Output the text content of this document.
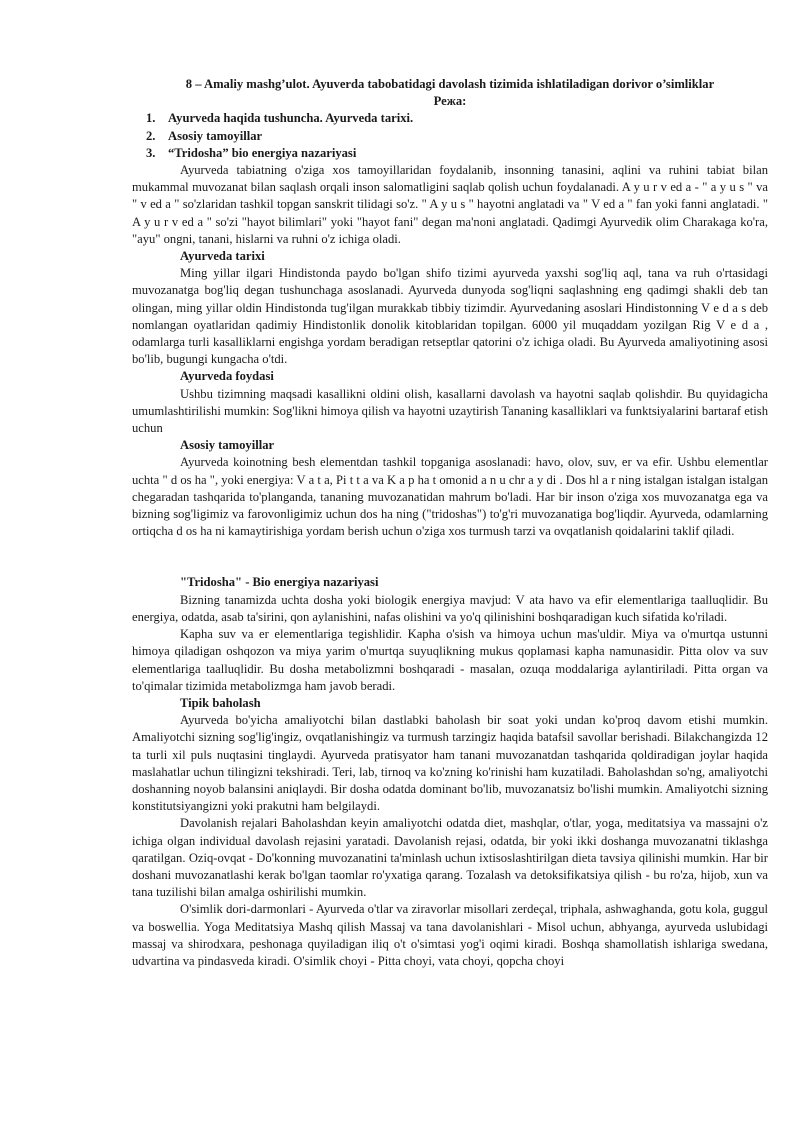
8 – Amaliy mashg’ulot. Ayuverda tabobatidagi davolash tizimida ishlatiladigan dorivor o’simliklar
Режа:
1. Ayurveda haqida tushuncha. Ayurveda tarixi.
2. Asosiy tamoyillar
3. “Tridosha” bio energiya nazariyasi

Ayurveda tabiatning o'ziga xos tamoyillaridan foydalanib, insonning tanasini, aqlini va ruhini tabiat bilan mukammal muvozanat bilan saqlash orqali inson salomatligini saqlab qolish uchun foydalanadi. A y u r v ed a - " a y u s " va " v ed a " so'zlaridan tashkil topgan sanskrit tilidagi so'z. " A y u s " hayotni anglatadi va " V ed a " fan yoki fanni anglatadi. " A y u r v ed a " so'zi "hayot bilimlari" yoki "hayot fani" degan ma'noni anglatadi. Qadimgi Ayurvedik olim Charakaga ko'ra, "ayu" ongni, tanani, hislarni va ruhni o'z ichiga oladi.

Ayurveda tarixi

Ming yillar ilgari Hindistonda paydo bo'lgan shifo tizimi ayurveda yaxshi sog'liq aql, tana va ruh o'rtasidagi muvozanatga bog'liq degan tushunchaga asoslanadi. Ayurveda dunyoda sog'liqni saqlashning eng qadimgi shakli deb tan olingan, ming yillar oldin Hindistonda tug'ilgan murakkab tibbiy tizimdir. Ayurvedaning asoslari Hindistonning V e d a s deb nomlangan oyatlaridan qadimiy Hindistonlik donolik kitoblaridan topilgan. 6000 yil muqaddam yozilgan Rig V e d a , odamlarga turli kasalliklarni engishga yordam beradigan retseptlar qatorini o'z ichiga oladi. Bu Ayurveda amaliyotining asosi bo'lib, bugungi kungacha o'tdi.

Ayurveda foydasi

Ushbu tizimning maqsadi kasallikni oldini olish, kasallarni davolash va hayotni saqlab qolishdir. Bu quyidagicha umumlashtirilishi mumkin: Sog'likni himoya qilish va hayotni uzaytirish Tananing kasalliklari va funktsiyalarini bartaraf etish uchun

Asosiy tamoyillar

Ayurveda koinotning besh elementdan tashkil topganiga asoslanadi: havo, olov, suv, er va efir. Ushbu elementlar uchta " d os ha ", yoki energiya: V a t a, Pi t t a va K a p ha t omonid a n u chr a y di . Dos hl a r ning istalgan istalgan istalgan chegaradan tashqarida to'planganda, tananing muvozanatidan mahrum bo'ladi. Har bir inson o'ziga xos muvozanatga ega va bizning sog'ligimiz va farovonligimiz uchun dos ha ning ("tridoshas") to'g'ri muvozanatiga bog'liqdir. Ayurveda, odamlarning ortiqcha d os ha ni kamaytirishiga yordam berish uchun o'ziga xos turmush tarzi va ovqatlanish qoidalarini taklif qiladi.

"Tridosha" - Bio energiya nazariyasi

Bizning tanamizda uchta dosha yoki biologik energiya mavjud: V ata havo va efir elementlariga taalluqlidir. Bu energiya, odatda, asab ta'sirini, qon aylanishini, nafas olishini va yo'q qilinishini boshqaradigan kuch sifatida ko'riladi.

Kapha suv va er elementlariga tegishlidir. Kapha o'sish va himoya uchun mas'uldir. Miya va o'murtqa ustunni himoya qiladigan oshqozon va miya yarim o'murtqa suyuqlikning mukus qoplamasi kapha namunasidir. Pitta olov va suv elementlariga taalluqlidir. Bu dosha metabolizmni boshqaradi - masalan, ozuqa moddalariga aylantiriladi. Pitta organ va to'qimalar tizimida metabolizmga ham javob beradi.

Tipik baholash

Ayurveda bo'yicha amaliyotchi bilan dastlabki baholash bir soat yoki undan ko'proq davom etishi mumkin. Amaliyotchi sizning sog'lig'ingiz, ovqatlanishingiz va turmush tarzingiz haqida batafsil savollar berishadi. Bilakchangizda 12 ta turli xil puls nuqtasini tinglaydi. Ayurveda pratisyator ham tanani muvozanatdan tashqarida qoldiradigan joylar haqida maslahatlar uchun tilingizni tekshiradi. Teri, lab, tirnoq va ko'zning ko'rinishi ham kuzatiladi. Baholashdan so'ng, amaliyotchi doshanning noyob balansini aniqlaydi. Bir dosha odatda dominant bo'lib, muvozanatsiz bo'lishi mumkin. Amaliyotchi sizning konstitutsiyangizni yoki prakutni ham belgilaydi.

Davolanish rejalari Baholashdan keyin amaliyotchi odatda diet, mashqlar, o'tlar, yoga, meditatsiya va massajni o'z ichiga olgan individual davolash rejasini yaratadi. Davolanish rejasi, odatda, bir yoki ikki doshanga muvozanatni tiklashga qaratilgan. Oziq-ovqat - Do'konning muvozanatini ta'minlash uchun ixtisoslashtirilgan dieta tavsiya qilinishi mumkin. Har bir doshani muvozanatlashi kerak bo'lgan taomlar ro'yxatiga qarang. Tozalash va detoksifikatsiya qilish - bu ro'za, hijob, xun va tana tuzilishi bilan amalga oshirilishi mumkin.

O'simlik dori-darmonlari - Ayurveda o'tlar va ziravorlar misollari zerdeçal, triphala, ashwaghanda, gotu kola, guggul va boswellia. Yoga Meditatsiya Mashq qilish Massaj va tana davolanishlari - Misol uchun, abhyanga, ayurveda uslubidagi massaj va shirodxara, peshonaga quyiladigan iliq o't o'simtasi yog'i oqimi kiradi. Boshqa shamollatish ishlariga swedana, udvartina va pindasveda kiradi. O'simlik choyi - Pitta choyi, vata choyi, qopcha choyi
